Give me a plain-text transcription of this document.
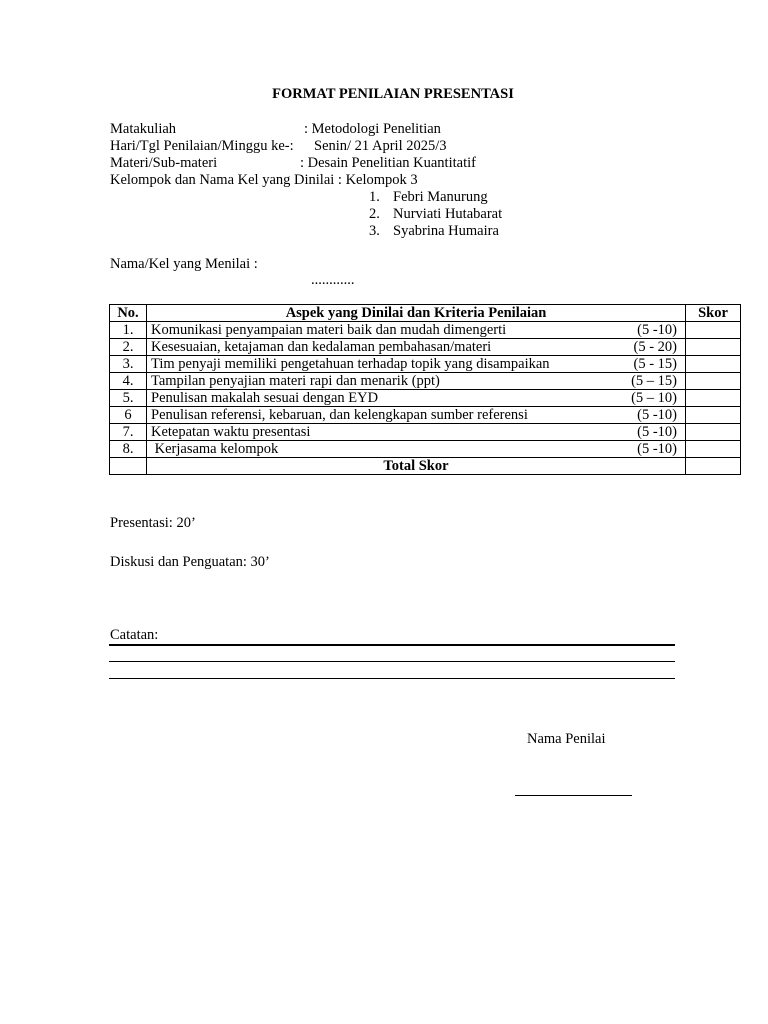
FORMAT PENILAIAN PRESENTASI
Matakuliah	: Metodologi Penelitian
Hari/Tgl Penilaian/Minggu ke-: Senin/ 21 April 2025/3
Materi/Sub-materi	: Desain Penelitian Kuantitatif
Kelompok dan Nama Kel yang Dinilai : Kelompok 3
1. Febri Manurung
2. Nurviati Hutabarat
3. Syabrina Humaira
Nama/Kel yang Menilai :
............
No.	Aspek yang Dinilai dan Kriteria Penilaian	Skor
1.	Komunikasi penyampaian materi baik dan mudah dimengerti (5 -10)	

2.	Kesesuaian, ketajaman dan kedalaman pembahasan/materi (5 - 20)	

3.	Tim penyaji memiliki pengetahuan terhadap topik yang disampaikan (5 - 15)	

4.	Tampilan penyajian materi rapi dan menarik (ppt) (5 – 15)	

5.	Penulisan makalah sesuai dengan EYD (5 – 10)	

6	Penulisan referensi, kebaruan, dan kelengkapan sumber referensi (5 -10)	

7.	Ketepatan waktu presentasi (5 -10)	

8.	Kerjasama kelompok (5 -10)	

	Total Skor	
Presentasi: 20’
Diskusi dan Penguatan: 30’
Catatan:
Nama Penilai
